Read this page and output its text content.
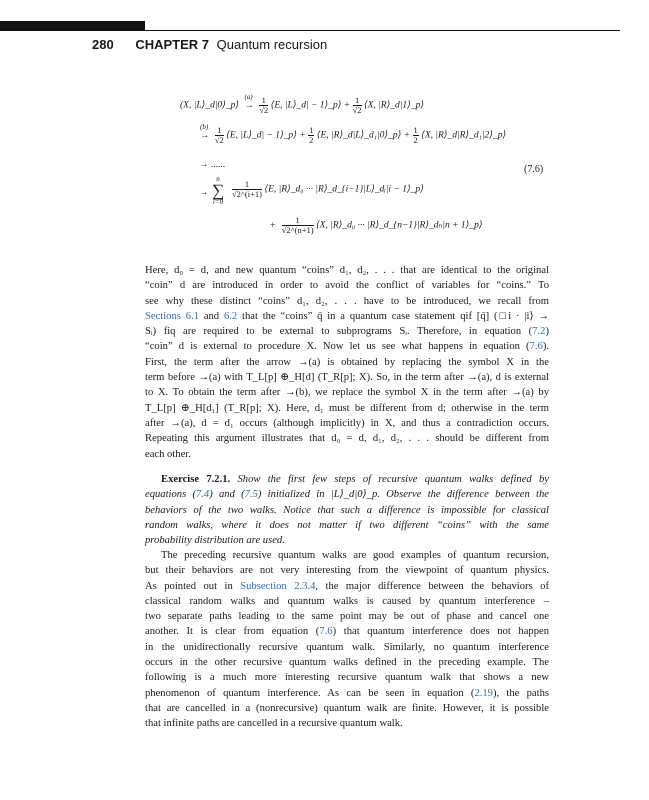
280 CHAPTER 7 Quantum recursion
(X, |L⟩_d|0⟩_p⟩ →
(a)
$\frac{1}{√2}$ ⟨E, |L⟩_d| − 1⟩_p⟩ + $\frac{1}{√2}$ ⟨X, |R⟩_d|1⟩_p⟩
→
(b)
$\frac{1}{√2}$ ⟨E, |L⟩_d| − 1⟩_p⟩ + $\frac{1}{2}$ ⟨E, |R⟩_d|L⟩_d₁|0⟩_p⟩ + $\frac{1}{2}$ ⟨X, |R⟩_d|R⟩_d₁|2⟩_p⟩
→ ......	(7.6)
→
n
∑
i=0
$\frac{1}{√2\^{}(i+1)}$ ⟨E, |R⟩_d₀ ··· |R⟩_d_{i−1}|L⟩_dᵢ|i − 1⟩_p⟩
+ $\frac{1}{√2\^{}(n+1)}$ ⟨X, |R⟩_d₀ ··· |R⟩_d_{n−1}|R⟩_dₙ|n + 1⟩_p⟩
Here, d₀ = d, and new quantum “coins” d₁, d₂, . . . that are identical to the original
“coin” d are introduced in order to avoid the conflict of variables for “coins.” To
see why these distinct “coins” d₁, d₂, . . . have to be introduced, we recall from
Sections 6.1 and 6.2 that the “coins” q̄ in a quantum case statement qif [q̄] (□i · |i⟩ →
Sᵢ) fiq are required to be external to subprograms Sᵢ. Therefore, in equation (7.2)
“coin” d is external to procedure X. Now let us see what happens in equation (7.6).
First, the term after the arrow →(a) is obtained by replacing the symbol X in the
term before →(a) with T_L[p] ⊕_H[d] (T_R[p]; X). So, in the term after →(a), d is external
to X. To obtain the term after →(b), we replace the symbol X in the term after →(a) by
T_L[p] ⊕_H[d₁] (T_R[p]; X). Here, d₁ must be different from d; otherwise in the term
after →(a), d = d₁ occurs (although implicitly) in X, and thus a contradiction occurs.
Repeating this argument illustrates that d₀ = d, d₁, d₂, . . . should be different from
each other.
Exercise 7.2.1. Show the first few steps of recursive quantum walks defined by
equations (7.4) and (7.5) initialized in |L⟩_d|0⟩_p. Observe the difference between the
behaviors of the two walks. Notice that such a difference is impossible for classical
random walks, where it does not matter if two different “coins” with the same
probability distribution are used.
The preceding recursive quantum walks are good examples of quantum recursion,
but their behaviors are not very interesting from the viewpoint of quantum physics.
As pointed out in Subsection 2.3.4, the major difference between the behaviors of
classical random walks and quantum walks is caused by quantum interference –
two separate paths leading to the same point may be out of phase and cancel one
another. It is clear from equation (7.6) that quantum interference does not happen
in the unidirectionally recursive quantum walk. Similarly, no quantum interference
occurs in the other recursive quantum walks defined in the preceding example. The
following is a much more interesting recursive quantum walk that shows a new
phenomenon of quantum interference. As can be seen in equation (2.19), the paths
that are cancelled in a (nonrecursive) quantum walk are finite. However, it is possible
that infinite paths are cancelled in a recursive quantum walk.
